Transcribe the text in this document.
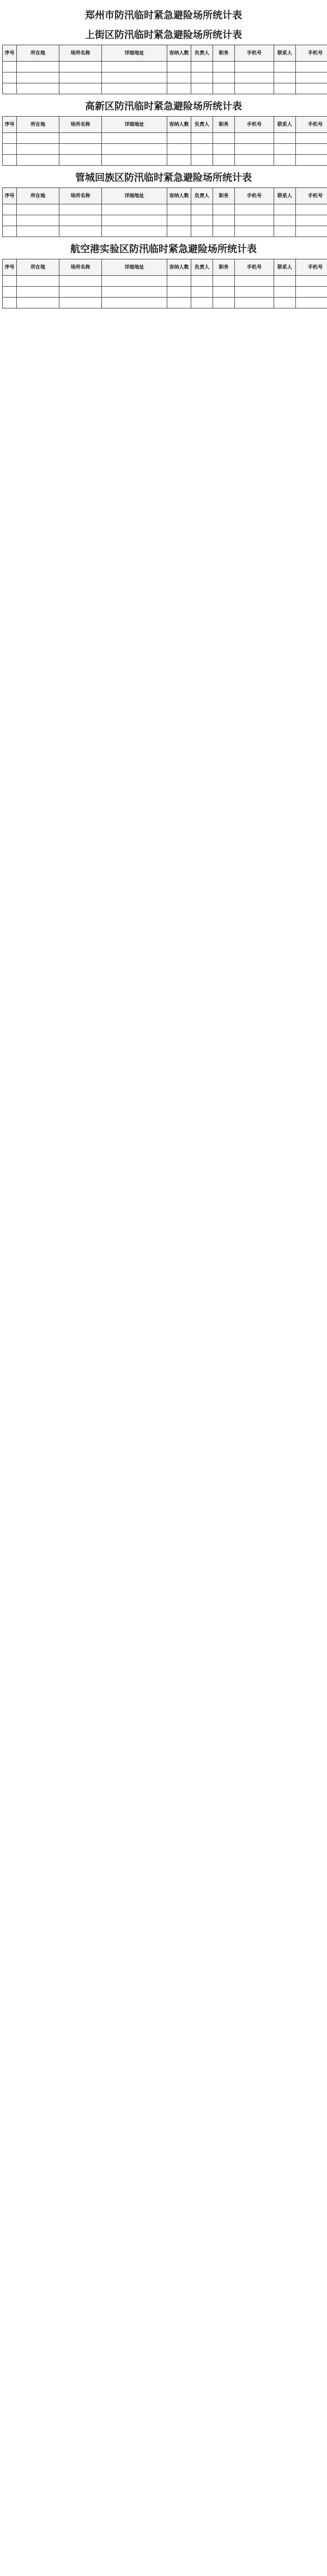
郑州市防汛临时紧急避险场所统计表
上街区防汛临时紧急避险场所统计表
序号	所在地	场所名称	详细地址	容纳人数	负责人	职务	手机号	联系人	手机号

高新区防汛临时紧急避险场所统计表
序号	所在地	场所名称	详细地址	容纳人数	负责人	职务	手机号	联系人	手机号

管城回族区防汛临时紧急避险场所统计表
序号	所在地	场所名称	详细地址	容纳人数	负责人	职务	手机号	联系人	手机号

航空港实验区防汛临时紧急避险场所统计表
序号	所在地	场所名称	详细地址	容纳人数	负责人	职务	手机号	联系人	手机号
